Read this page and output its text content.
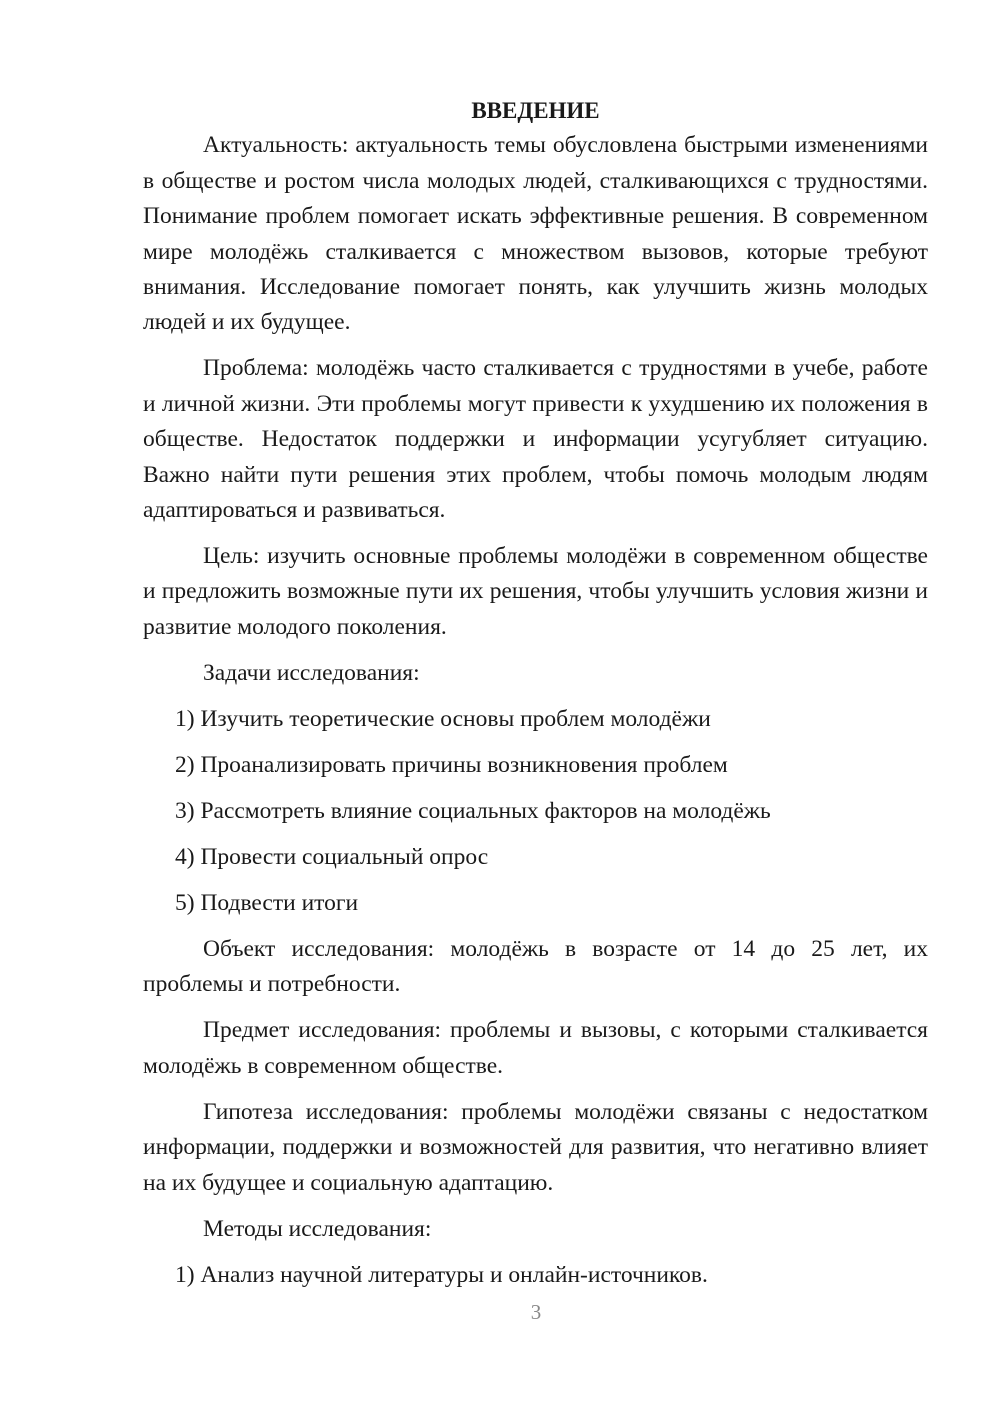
ВВЕДЕНИЕ

Актуальность: актуальность темы обусловлена быстрыми изменениями в обществе и ростом числа молодых людей, сталкивающихся с трудностями. Понимание проблем помогает искать эффективные решения. В современном мире молодёжь сталкивается с множеством вызовов, которые требуют внимания. Исследование помогает понять, как улучшить жизнь молодых людей и их будущее.

Проблема: молодёжь часто сталкивается с трудностями в учебе, работе и личной жизни. Эти проблемы могут привести к ухудшению их положения в обществе. Недостаток поддержки и информации усугубляет ситуацию. Важно найти пути решения этих проблем, чтобы помочь молодым людям адаптироваться и развиваться.

Цель: изучить основные проблемы молодёжи в современном обществе и предложить возможные пути их решения, чтобы улучшить условия жизни и развитие молодого поколения.

Задачи исследования:

1) Изучить теоретические основы проблем молодёжи
2) Проанализировать причины возникновения проблем
3) Рассмотреть влияние социальных факторов на молодёжь
4) Провести социальный опрос
5) Подвести итоги

Объект исследования: молодёжь в возрасте от 14 до 25 лет, их проблемы и потребности.

Предмет исследования: проблемы и вызовы, с которыми сталкивается молодёжь в современном обществе.

Гипотеза исследования: проблемы молодёжи связаны с недостатком информации, поддержки и возможностей для развития, что негативно влияет на их будущее и социальную адаптацию.

Методы исследования:

1) Анализ научной литературы и онлайн-источников.
3
